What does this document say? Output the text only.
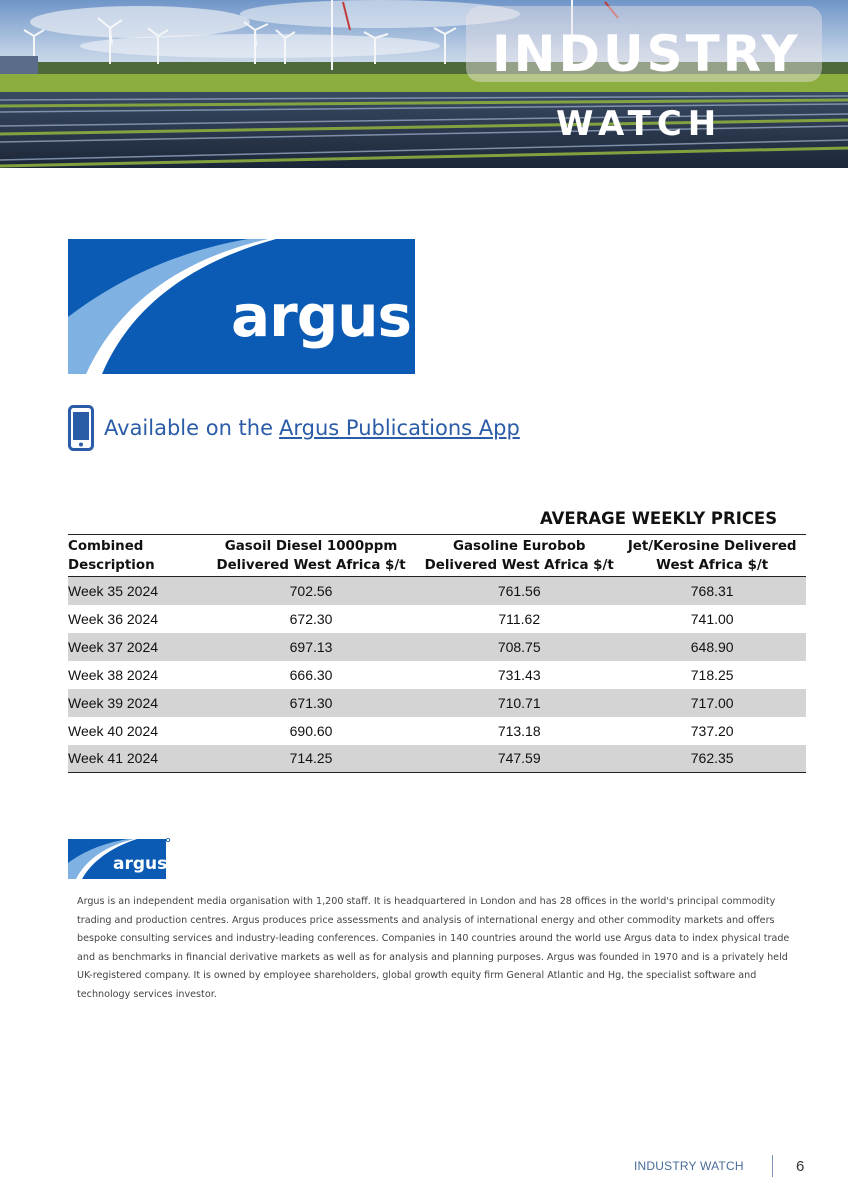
INDUSTRY
WATCH
argus
Available on the Argus Publications App
AVERAGE WEEKLY PRICES
Combined Description	Gasoil Diesel 1000ppm Delivered West Africa $/t	Gasoline Eurobob Delivered West Africa $/t	Jet/Kerosine Delivered West Africa $/t
Week 35 2024	702.56	761.56	768.31
Week 36 2024	672.30	711.62	741.00
Week 37 2024	697.13	708.75	648.90
Week 38 2024	666.30	731.43	718.25
Week 39 2024	671.30	710.71	717.00
Week 40 2024	690.60	713.18	737.20
Week 41 2024	714.25	747.59	762.35
argus

Argus is an independent media organisation with 1,200 staff. It is headquartered in London and has 28 offices in the world's principal commodity trading and production centres. Argus produces price assessments and analysis of international energy and other commodity markets and offers bespoke consulting services and industry-leading conferences. Companies in 140 countries around the world use Argus data to index physical trade and as benchmarks in financial derivative markets as well as for analysis and planning purposes. Argus was founded in 1970 and is a privately held UK-registered company. It is owned by employee shareholders, global growth equity firm General Atlantic and Hg, the specialist software and technology services investor.

INDUSTRY WATCH	6
